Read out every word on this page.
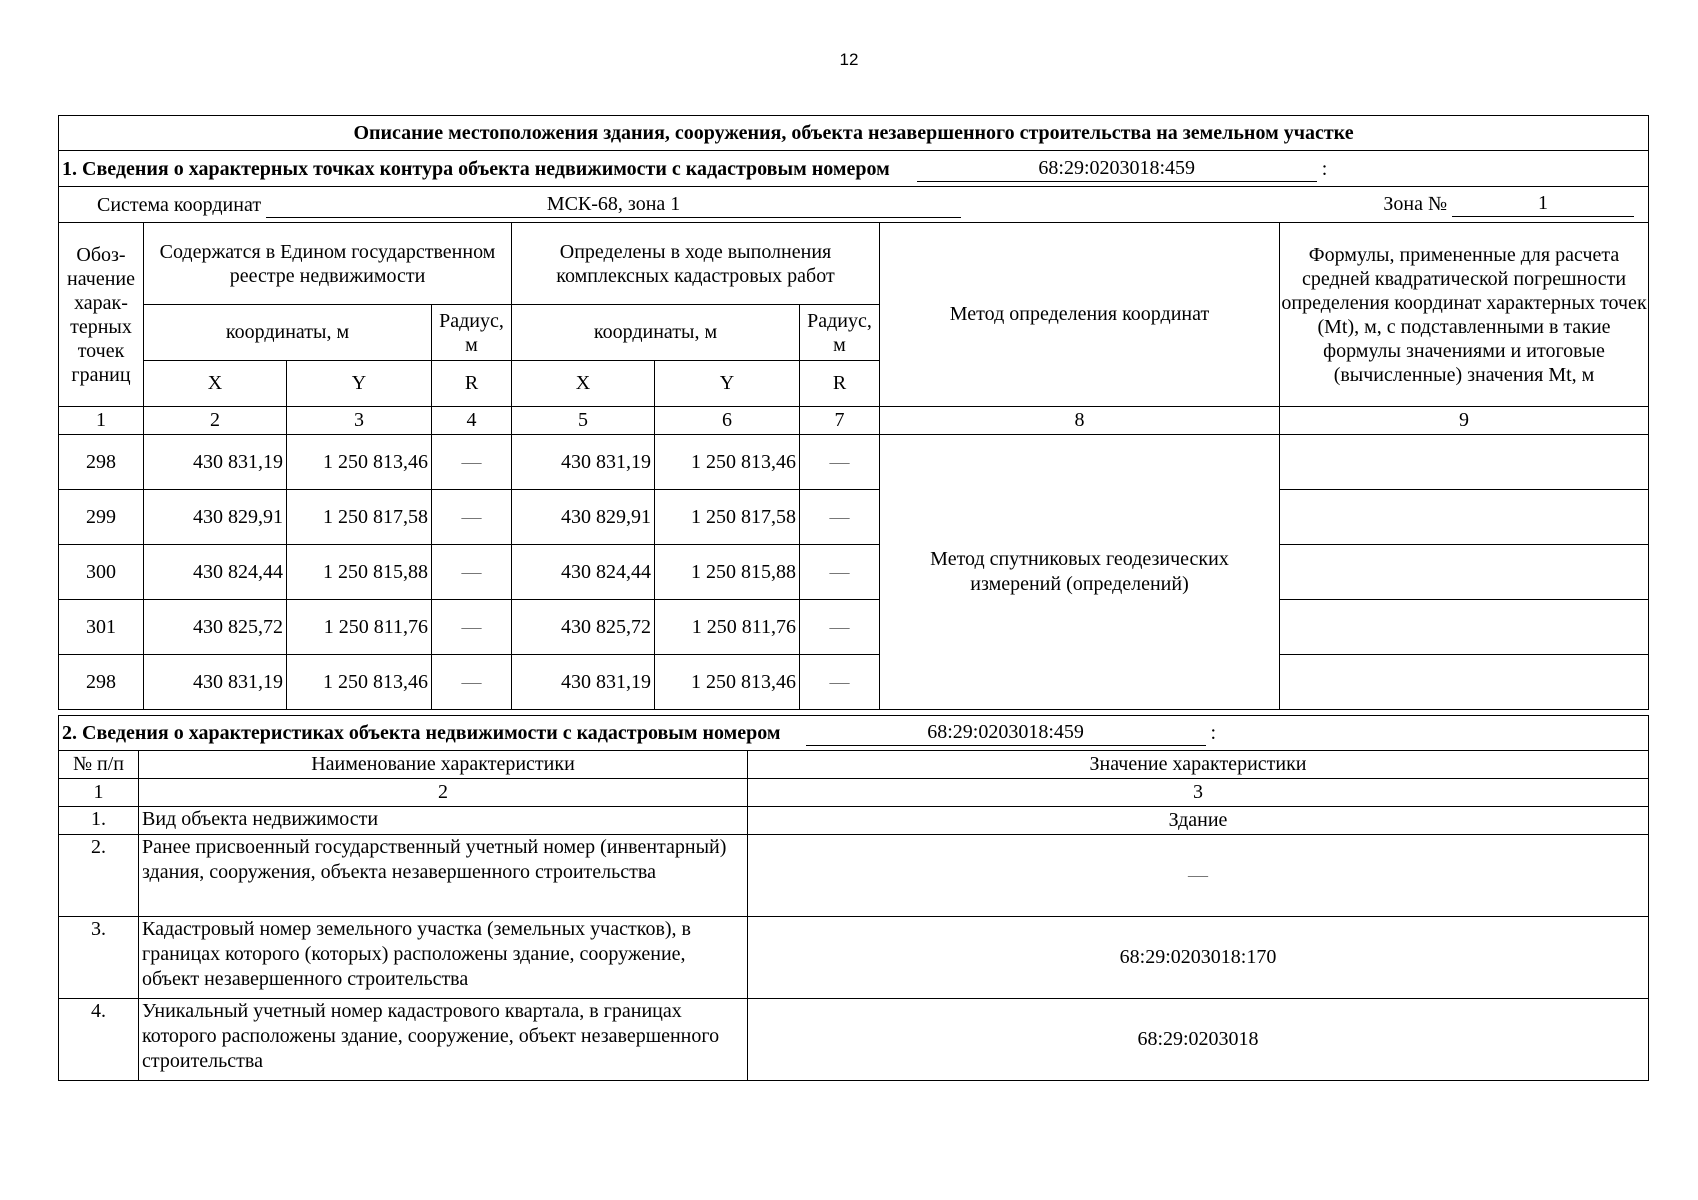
12
Описание местоположения здания, сооружения, объекта незавершенного строительства на земельном участке								
1. Сведения о характерных точках контура объекта недвижимости с кадастровым номером 68:29:0203018:459 :								
Система координат МСК-68, зона 1 Зона № 1								

Обоз-начение харак-терных точек границ	Содержатся в Едином государственном реестре недвижимости			Определены в ходе выполнения комплексных кадастровых работ			Метод определения координат	Формулы, примененные для расчета средней квадратической погрешности определения координат характерных точек (Mt), м, с подставленными в такие формулы значениями и итоговые (вычисленные) значения Mt, м
	координаты, м		Радиус, м	координаты, м		Радиус, м		
	X	Y	R	X	Y	R		
1	2	3	4	5	6	7	8	9
298	430 831,19	1 250 813,46	—	430 831,19	1 250 813,46	—	Метод спутниковых геодезических измерений (определений)	
299	430 829,91	1 250 817,58	—	430 829,91	1 250 817,58	—		
300	430 824,44	1 250 815,88	—	430 824,44	1 250 815,88	—		
301	430 825,72	1 250 811,76	—	430 825,72	1 250 811,76	—		
298	430 831,19	1 250 813,46	—	430 831,19	1 250 813,46	—		
2. Сведения о характеристиках объекта недвижимости с кадастровым номером 68:29:0203018:459 :		
№ п/п	Наименование характеристики	Значение характеристики
1	2	3
1.	Вид объекта недвижимости	Здание
2.	Ранее присвоенный государственный учетный номер (инвентарный) здания, сооружения, объекта незавершенного строительства	—
3.	Кадастровый номер земельного участка (земельных участков), в границах которого (которых) расположены здание, сооружение, объект незавершенного строительства	68:29:0203018:170
4.	Уникальный учетный номер кадастрового квартала, в границах которого расположены здание, сооружение, объект незавершенного строительства	68:29:0203018
